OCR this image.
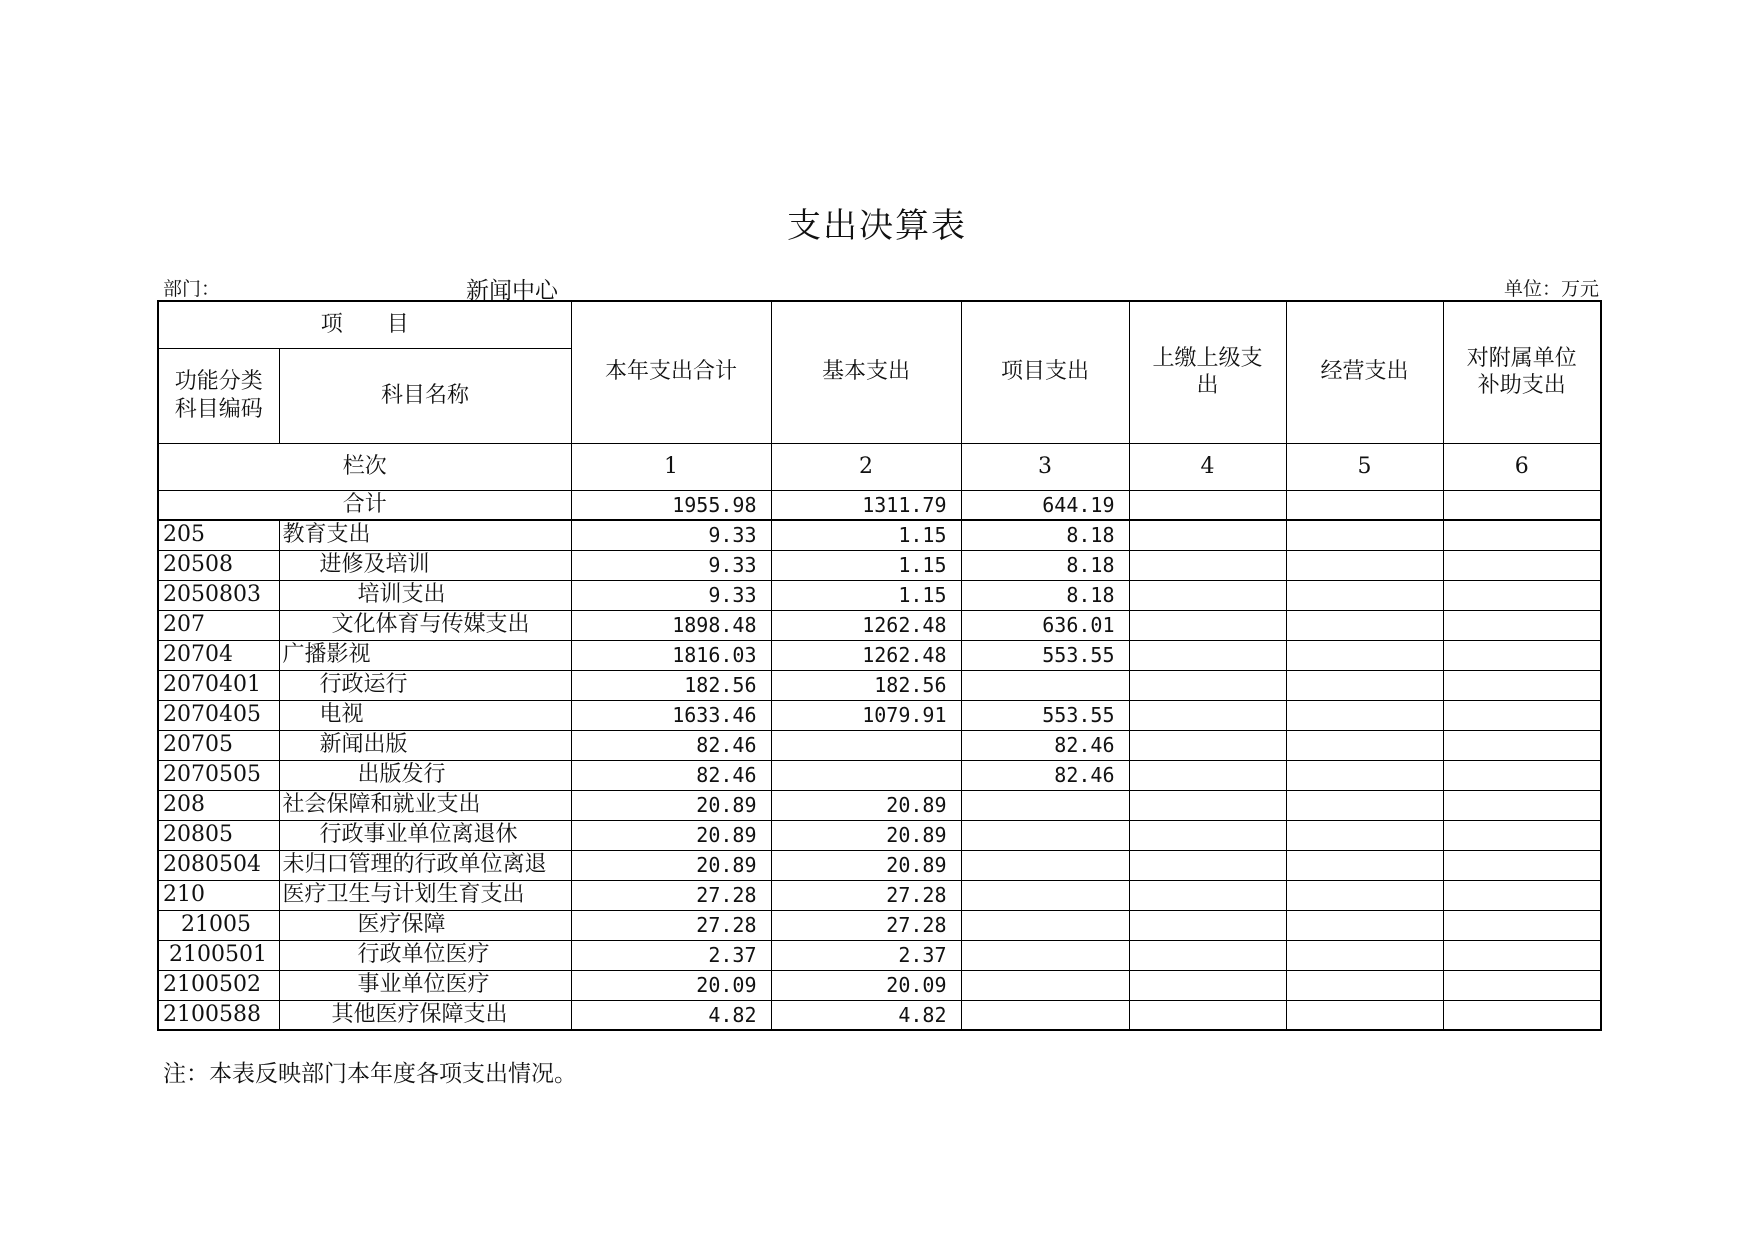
支出决算表
部门：	新闻中心	单位：万元
项　　目		本年支出合计	基本支出	项目支出	上缴上级支出	经营支出	对附属单位补助支出
功能分类科目编码	科目名称						
栏次		1	2	3	4	5	6
合计		1955.98	1311.79	644.19			
205	教育支出	9.33	1.15	8.18			
20508	进修及培训	9.33	1.15	8.18			
2050803	培训支出	9.33	1.15	8.18			
207	文化体育与传媒支出	1898.48	1262.48	636.01			
20704	广播影视	1816.03	1262.48	553.55			
2070401	行政运行	182.56	182.56				
2070405	电视	1633.46	1079.91	553.55			
20705	新闻出版	82.46		82.46			
2070505	出版发行	82.46		82.46			
208	社会保障和就业支出	20.89	20.89				
20805	行政事业单位离退休	20.89	20.89				
2080504	未归口管理的行政单位离退	20.89	20.89				
210	医疗卫生与计划生育支出	27.28	27.28				
21005	医疗保障	27.28	27.28				
2100501	行政单位医疗	2.37	2.37				
2100502	事业单位医疗	20.09	20.09				
2100588	其他医疗保障支出	4.82	4.82				
注：本表反映部门本年度各项支出情况。
